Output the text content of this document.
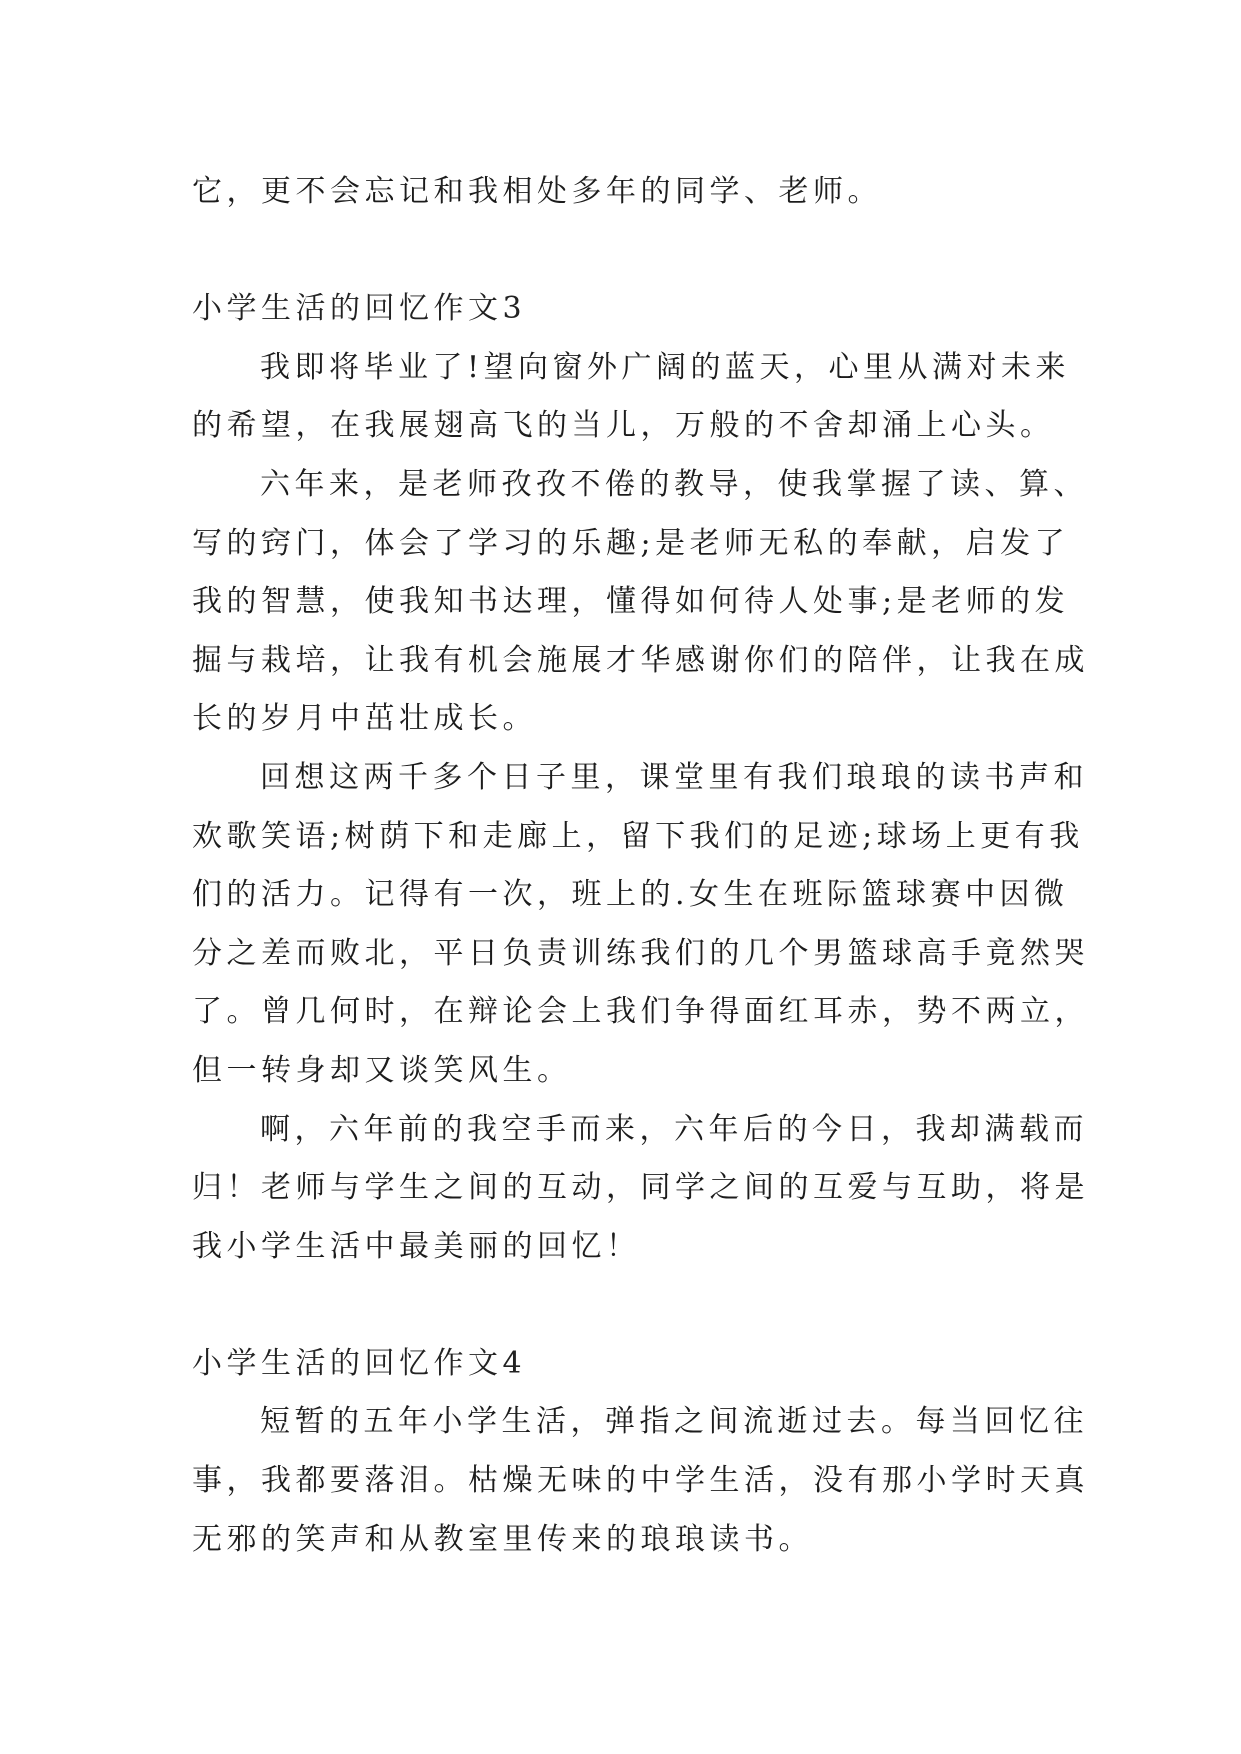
它，更不会忘记和我相处多年的同学、老师。
小学生活的回忆作文3
我即将毕业了!望向窗外广阔的蓝天，心里从满对未来
的希望，在我展翅高飞的当儿，万般的不舍却涌上心头。
六年来，是老师孜孜不倦的教导，使我掌握了读、算、
写的窍门，体会了学习的乐趣;是老师无私的奉献，启发了
我的智慧，使我知书达理，懂得如何待人处事;是老师的发
掘与栽培，让我有机会施展才华感谢你们的陪伴，让我在成
长的岁月中茁壮成长。
回想这两千多个日子里，课堂里有我们琅琅的读书声和
欢歌笑语;树荫下和走廊上，留下我们的足迹;球场上更有我
们的活力。记得有一次，班上的.女生在班际篮球赛中因微
分之差而败北，平日负责训练我们的几个男篮球高手竟然哭
了。曾几何时，在辩论会上我们争得面红耳赤，势不两立，
但一转身却又谈笑风生。
啊，六年前的我空手而来，六年后的今日，我却满载而
归！老师与学生之间的互动，同学之间的互爱与互助，将是
我小学生活中最美丽的回忆！
小学生活的回忆作文4
短暂的五年小学生活，弹指之间流逝过去。每当回忆往
事，我都要落泪。枯燥无味的中学生活，没有那小学时天真
无邪的笑声和从教室里传来的琅琅读书。
